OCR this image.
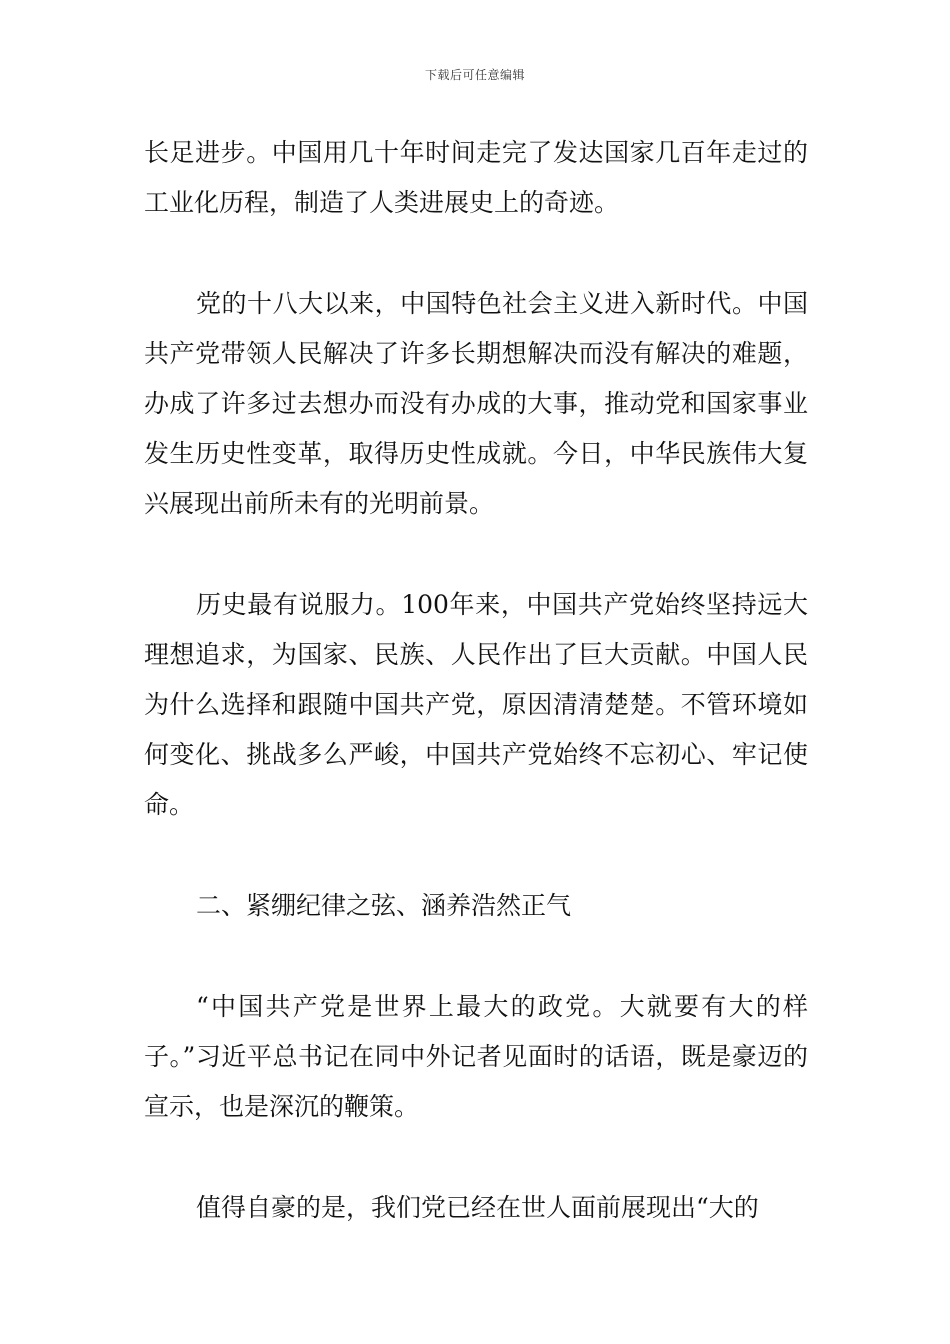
下载后可任意编辑

长足进步。中国用几十年时间走完了发达国家几百年走过的工业化历程，制造了人类进展史上的奇迹。

党的十八大以来，中国特色社会主义进入新时代。中国共产党带领人民解决了许多长期想解决而没有解决的难题，办成了许多过去想办而没有办成的大事，推动党和国家事业发生历史性变革，取得历史性成就。今日，中华民族伟大复兴展现出前所未有的光明前景。

历史最有说服力。100年来，中国共产党始终坚持远大理想追求，为国家、民族、人民作出了巨大贡献。中国人民为什么选择和跟随中国共产党，原因清清楚楚。不管环境如何变化、挑战多么严峻，中国共产党始终不忘初心、牢记使命。

二、紧绷纪律之弦、涵养浩然正气

“中国共产党是世界上最大的政党。大就要有大的样子。”习近平总书记在同中外记者见面时的话语，既是豪迈的宣示，也是深沉的鞭策。

值得自豪的是，我们党已经在世人面前展现出“大的
